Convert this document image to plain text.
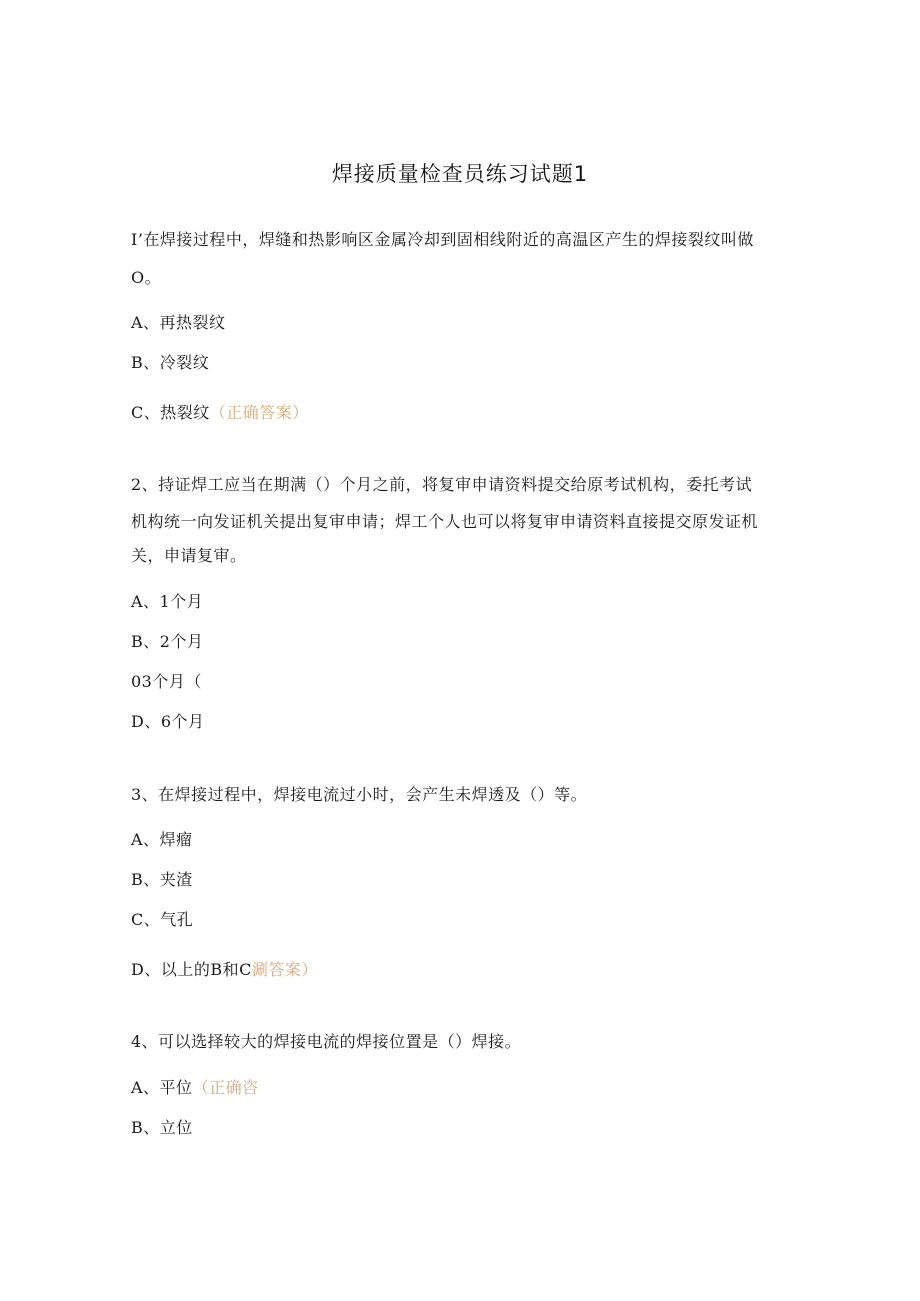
焊接质量检查员练习试题1
I’在焊接过程中，焊缝和热影响区金属冷却到固相线附近的高温区产生的焊接裂纹叫做
O。
A、再热裂纹
B、冷裂纹
C、热裂纹（正确答案）
2、持证焊工应当在期满（）个月之前，将复审申请资料提交给原考试机构，委托考试
机构统一向发证机关提出复审申请；焊工个人也可以将复审申请资料直接提交原发证机
关，申请复审。
A、1个月
B、2个月
03个月（
D、6个月
3、在焊接过程中，焊接电流过小时，会产生未焊透及（）等。
A、焊瘤
B、夹渣
C、气孔
D、以上的B和C涮答案）
4、可以选择较大的焊接电流的焊接位置是（）焊接。
A、平位（正确咨
B、立位
